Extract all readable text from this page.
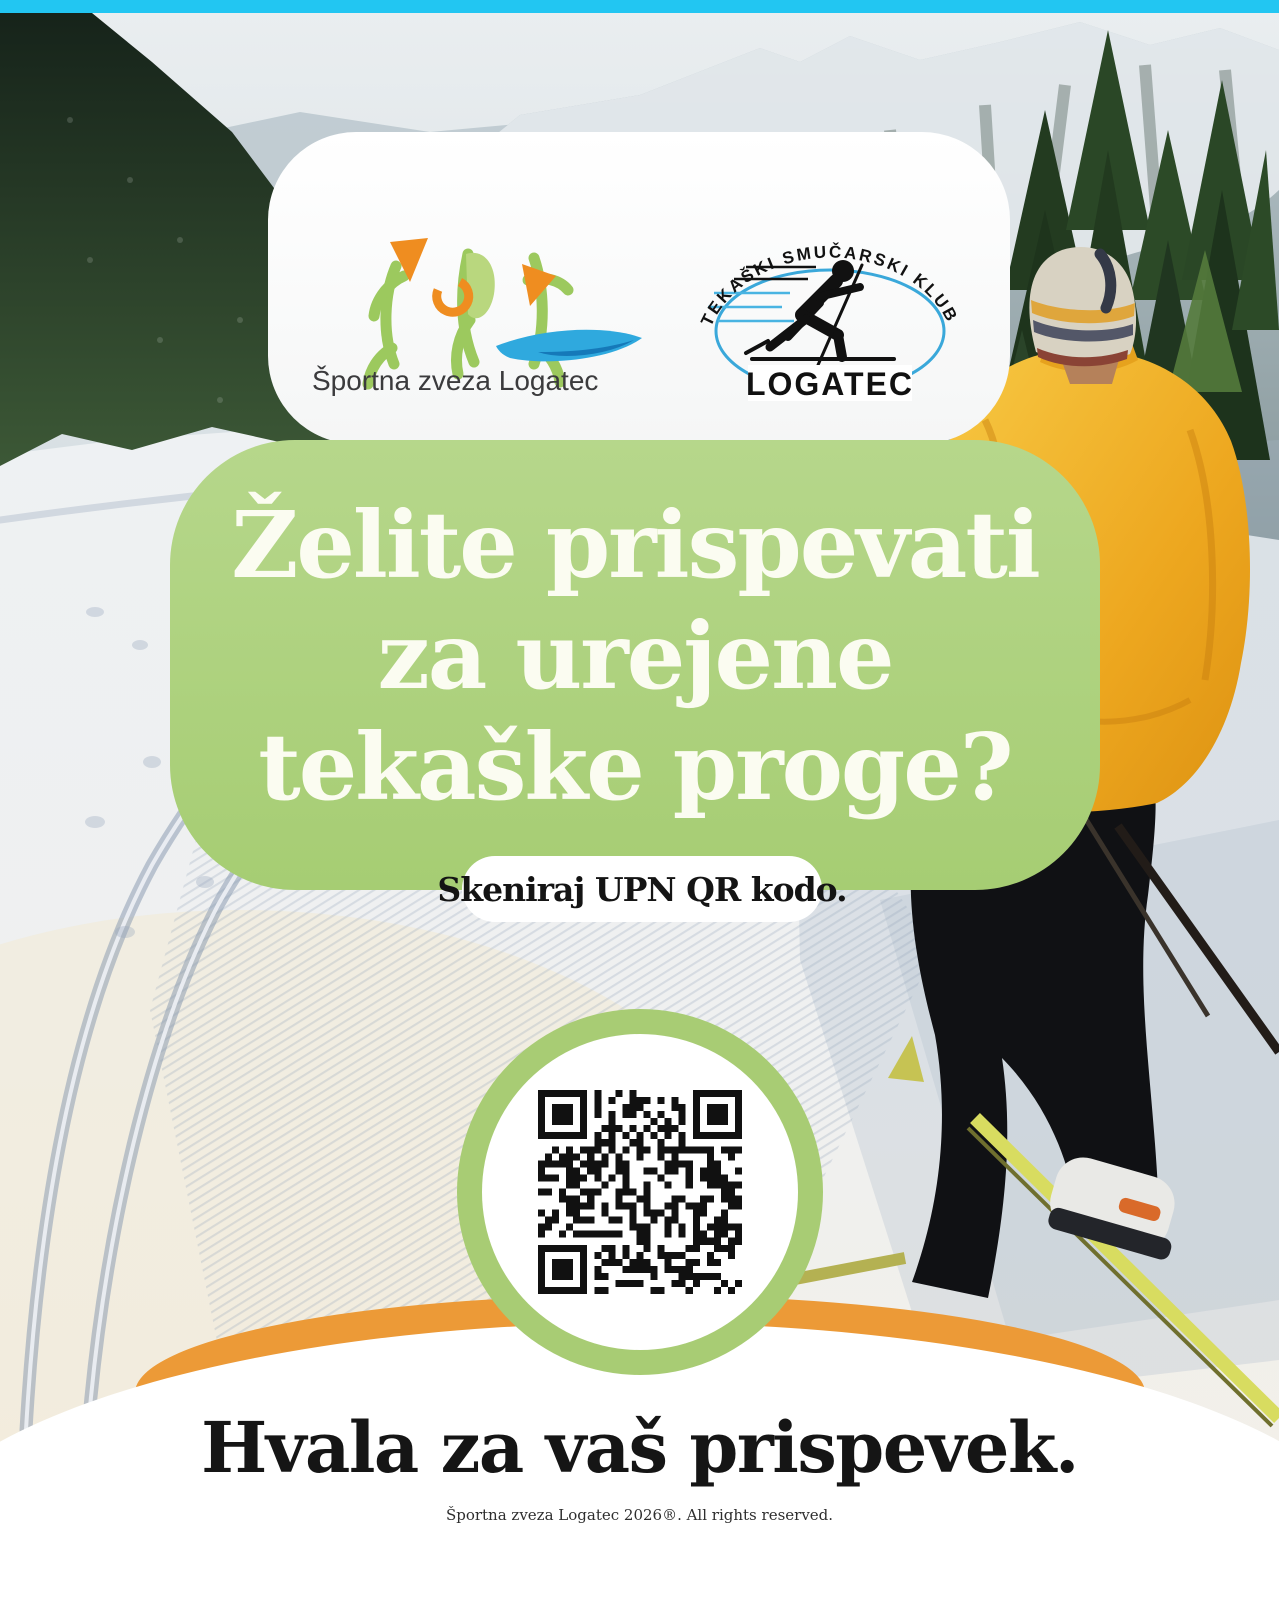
Športna zveza Logatec	LOGATEC
TEKAŠKI SMUČARSKI KLUB
Želite prispevati
za urejene
tekaške proge?
Skeniraj UPN QR kodo.
Hvala za vaš prispevek.
Športna zveza Logatec 2026®. All rights reserved.
